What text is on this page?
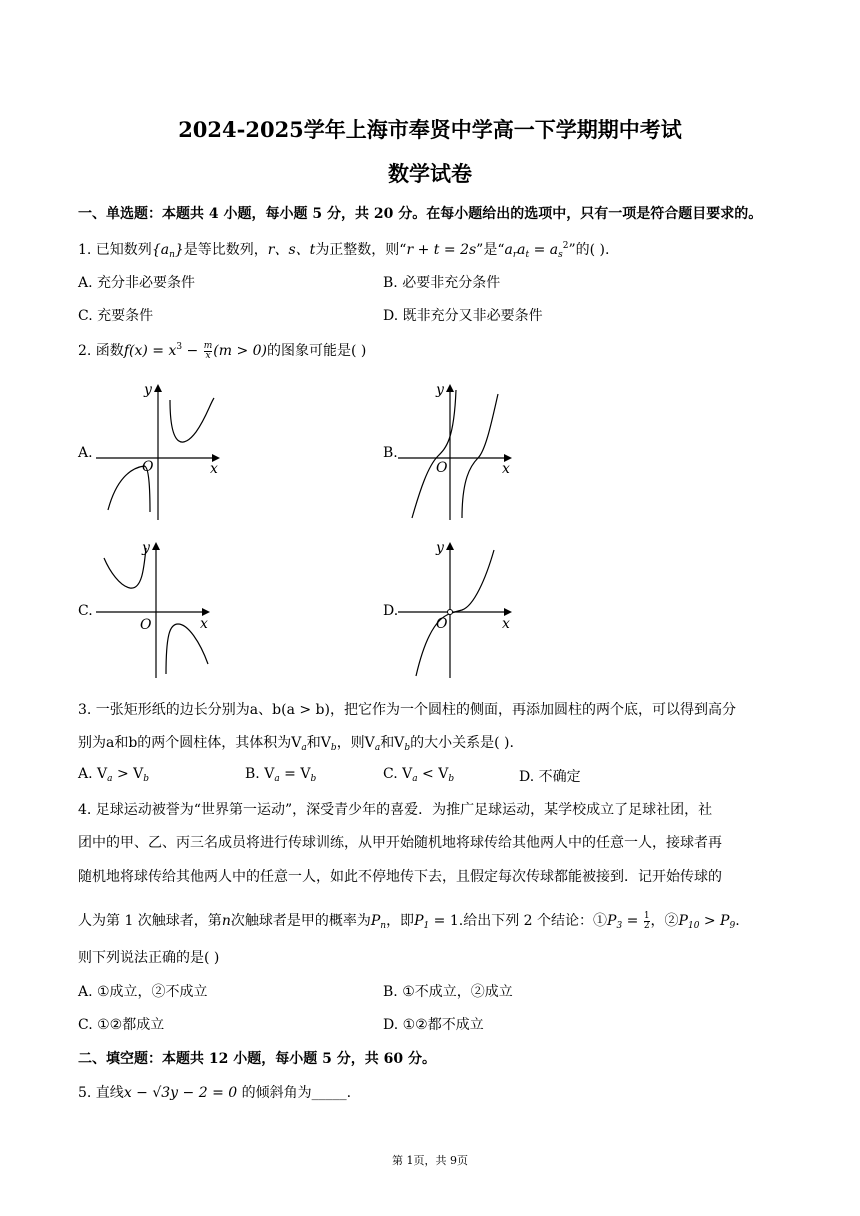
2024-2025学年上海市奉贤中学高一下学期期中考试
数学试卷
一、单选题：本题共 4 小题，每小题 5 分，共 20 分。在每小题给出的选项中，只有一项是符合题目要求的。
1. 已知数列$\{a_n\}$是等比数列，r、s、t为正整数，则“r + t = 2s”是“$a_ra_t = a_s^2$”的( ).
A. 充分非必要条件	B. 必要非充分条件
C. 充要条件	D. 既非充分又非必要条件
2. 函数$f(x) = x^3 - \frac{m}{x} (m > 0)$的图象可能是( )
A.	B.
C.	D.
x
y
O	x
y
O
x
y
O	x
y
O
3. 一张矩形纸的边长分别为a、b(a > b)，把它作为一个圆柱的侧面，再添加圆柱的两个底，可以得到高分
别为a和b的两个圆柱体，其体积为$V_a$和$V_b$，则$V_a$和$V_b$的大小关系是( ).
A. $V_a > V_b$	B. $V_a = V_b$	C. $V_a < V_b$	D. 不确定
4. 足球运动被誉为“世界第一运动”，深受青少年的喜爱．为推广足球运动，某学校成立了足球社团，社
团中的甲、乙、丙三名成员将进行传球训练，从甲开始随机地将球传给其他两人中的任意一人，接球者再
随机地将球传给其他两人中的任意一人，如此不停地传下去，且假定每次传球都能被接到．记开始传球的
人为第 1 次触球者，第n次触球者是甲的概率为$P_n$，即$P_1 = 1$.给出下列 2 个结论：$①P_3 = \frac{1}{2}$ ，$②P_{10} > P_9$.
则下列说法正确的是( )
A. ①成立，②不成立	B. ①不成立，②成立
C. ①②都成立	D. ①②都不成立
二、填空题：本题共 12 小题，每小题 5 分，共 60 分。
5. 直线x − √3y − 2 = 0 的倾斜角为_____.
第 1页，共 9页
